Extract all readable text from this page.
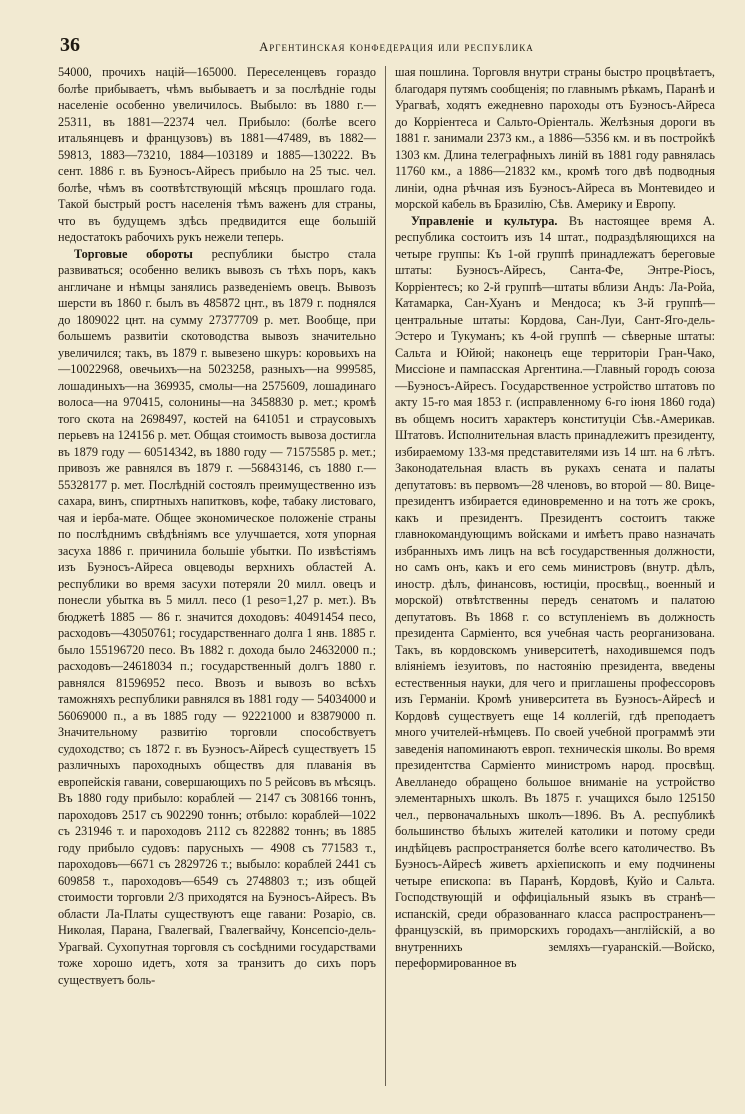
36	Аргентинская конфедерация или республика

54000, прочихъ націй—165000. Переселенцевъ гораздо болѣе прибываетъ, чѣмъ выбываетъ и за послѣдніе годы населеніе особенно увеличилось. Выбыло: въ 1880 г.—25311, въ 1881—22374 чел. Прибыло: (болѣе всего итальянцевъ и французовъ) въ 1881—47489, въ 1882—59813, 1883—73210, 1884—103189 и 1885—130222. Въ сент. 1886 г. въ Буэносъ-Айресъ прибыло на 25 тыс. чел. болѣе, чѣмъ въ соотвѣтствующій мѣсяцъ прошлаго года. Такой быстрый ростъ населенія тѣмъ важенъ для страны, что въ будущемъ здѣсь предвидится еще большій недостатокъ рабочихъ рукъ нежели теперь.

Торговые обороты республики быстро стала развиваться; особенно великъ вывозъ съ тѣхъ поръ, какъ англичане и нѣмцы занялись разведеніемъ овецъ. Вывозъ шерсти въ 1860 г. былъ въ 485872 цнт., въ 1879 г. поднялся до 1809022 цнт. на сумму 27377709 р. мет. Вообще, при большемъ развитіи скотоводства вывозъ значительно увеличился; такъ, въ 1879 г. вывезено шкуръ: коровьихъ на—10022968, овечьихъ—на 5023258, разныхъ—на 999585, лошадиныхъ—на 369935, смолы—на 2575609, лошадинаго волоса—на 970415, солонины—на 3458830 р. мет.; кромѣ того скота на 2698497, костей на 641051 и страусовыхъ перьевъ на 124156 р. мет. Общая стоимость вывоза достигла въ 1879 году — 60514342, въ 1880 году — 71575585 р. мет.; привозъ же равнялся въ 1879 г. —56843146, съ 1880 г.—55328177 р. мет. Послѣдній состоялъ преимущественно изъ сахара, винъ, спиртныхъ напитковъ, кофе, табаку листоваго, чая и іерба-мате. Общее экономическое положеніе страны по послѣднимъ свѣдѣніямъ все улучшается, хотя упорная засуха 1886 г. причинила большіе убытки. По извѣстіямъ изъ Буэносъ-Айреса овцеводы верхнихъ областей А. республики во время засухи потеряли 20 милл. овецъ и понесли убытка въ 5 милл. песо (1 peso=1,27 р. мет.). Въ бюджетѣ 1885 — 86 г. значится доходовъ: 40491454 песо, расходовъ—43050761; государственнаго долга 1 янв. 1885 г. было 155196720 песо. Въ 1882 г. дохода было 24632000 п.; расходовъ—24618034 п.; государственный долгъ 1880 г. равнялся 81596952 песо. Ввозъ и вывозъ во всѣхъ таможняхъ республики равнялся въ 1881 году — 54034000 и 56069000 п., а въ 1885 году — 92221000 и 83879000 п. Значительному развитію торговли способствуетъ судоходство; съ 1872 г. въ Буэносъ-Айресѣ существуетъ 15 различныхъ пароходныхъ обществъ для плаванія въ европейскія гавани, совершающихъ по 5 рейсовъ въ мѣсяцъ. Въ 1880 году прибыло: кораблей — 2147 съ 308166 тоннъ, пароходовъ 2517 съ 902290 тоннъ; отбыло: кораблей—1022 съ 231946 т. и пароходовъ 2112 съ 822882 тоннъ; въ 1885 году прибыло судовъ: парусныхъ — 4908 съ 771583 т., пароходовъ—6671 съ 2829726 т.; выбыло: кораблей 2441 съ 609858 т., пароходовъ—6549 съ 2748803 т.; изъ общей стоимости торговли 2/3 приходятся на Буэносъ-Айресъ. Въ области Ла-Платы существуютъ еще гавани: Розаріо, св. Николая, Парана, Гвалегвай, Гвалегвайчу, Консепсіо-дель-Урагвай. Сухопутная торговля съ сосѣдними государствами тоже хорошо идетъ, хотя за транзитъ до сихъ поръ существуетъ боль-

шая пошлина. Торговля внутри страны быстро процвѣтаетъ, благодаря путямъ сообщенія; по главнымъ рѣкамъ, Паранѣ и Урагваѣ, ходятъ ежедневно пароходы отъ Буэносъ-Айреса до Корріентеса и Сальто-Оріенталь. Желѣзныя дороги въ 1881 г. занимали 2373 км., а 1886—5356 км. и въ постройкѣ 1303 км. Длина телеграфныхъ линій въ 1881 году равнялась 11760 км., а 1886—21832 км., кромѣ того двѣ подводныя линіи, одна рѣчная изъ Буэносъ-Айреса въ Монтевидео и морской кабель въ Бразилію, Сѣв. Америку и Европу.

Управленіе и культура. Въ настоящее время А. республика состоитъ изъ 14 штат., подраздѣляющихся на четыре группы: Къ 1-ой группѣ принадлежатъ береговые штаты: Буэносъ-Айресъ, Санта-Фе, Энтре-Ріосъ, Корріентесъ; ко 2-й группѣ—штаты вблизи Андъ: Ла-Ройа, Катамарка, Сан-Хуанъ и Мендоса; къ 3-й группѣ—центральные штаты: Кордова, Сан-Луи, Сант-Яго-дель-Эстеро и Тукуманъ; къ 4-ой группѣ — сѣверные штаты: Сальта и Юйюй; наконецъ еще территоріи Гран-Чако, Миссіоне и пампасская Аргентина.—Главный городъ союза—Буэносъ-Айресъ. Государственное устройство штатовъ по акту 15-го мая 1853 г. (исправленному 6-го іюня 1860 года) въ общемъ носитъ характеръ конституціи Сѣв.-Америкав. Штатовъ. Исполнительная власть принадлежитъ президенту, избираемому 133-мя представителями изъ 14 шт. на 6 лѣтъ. Законодательная власть въ рукахъ сената и палаты депутатовъ: въ первомъ—28 членовъ, во второй — 80. Вице-президентъ избирается единовременно и на тотъ же срокъ, какъ и президентъ. Президентъ состоитъ также главнокомандующимъ войсками и имѣетъ право назначать избранныхъ имъ лицъ на всѣ государственныя должности, но самъ онъ, какъ и его семь министровъ (внутр. дѣлъ, иностр. дѣлъ, финансовъ, юстиціи, просвѣщ., военный и морской) отвѣтственны передъ сенатомъ и палатою депутатовъ. Въ 1868 г. со вступленіемъ въ должность президента Сарміенто, вся учебная часть реорганизована. Такъ, въ кордовскомъ университетѣ, находившемся подъ вліяніемъ іезуитовъ, по настоянію президента, введены естественныя науки, для чего и приглашены профессоровъ изъ Германіи. Кромѣ университета въ Буэносъ-Айресѣ и Кордовѣ существуетъ еще 14 коллегій, гдѣ преподаетъ много учителей-нѣмцевъ. По своей учебной программѣ эти заведенія напоминаютъ европ. техническія школы. Во время президентства Сарміенто министромъ народ. просвѣщ. Авелланедо обращено большое вниманіе на устройство элементарныхъ школъ. Въ 1875 г. учащихся было 125150 чел., первоначальныхъ школъ—1896. Въ А. республикѣ большинство бѣлыхъ жителей католики и потому среди индѣйцевъ распространяется болѣе всего католичество. Въ Буэносъ-Айресѣ живетъ архіепископъ и ему подчинены четыре епископа: въ Паранѣ, Кордовѣ, Куйо и Сальта. Господствующій и оффиціальный языкъ въ странѣ—испанскій, среди образованнаго класса распространенъ—французскій, въ приморскихъ городахъ—англійскій, а во внутреннихъ земляхъ—гуаранскій.—Войско, переформированное въ
